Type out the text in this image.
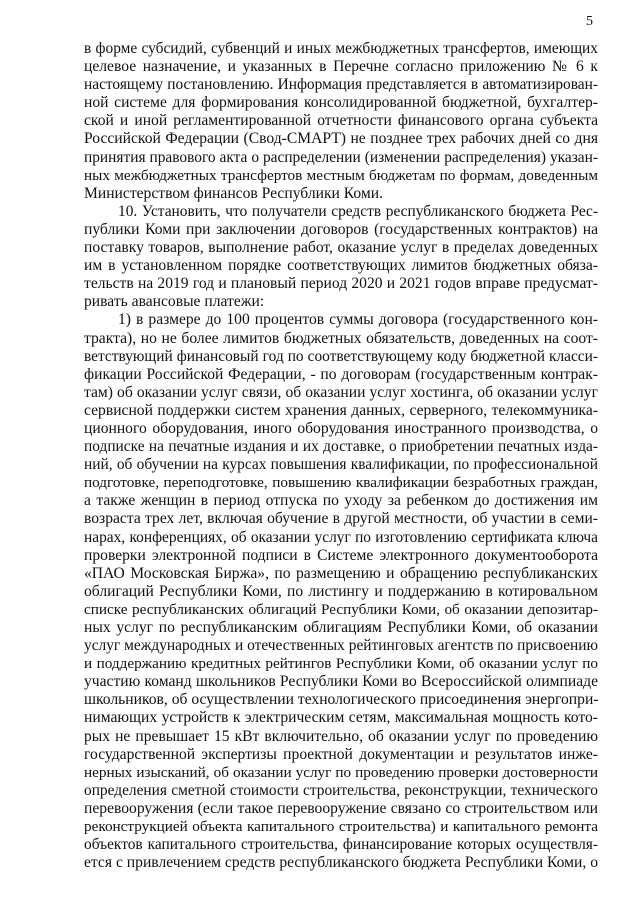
5
в форме субсидий, субвенций и иных межбюджетных трансфертов, имеющих
целевое назначение, и указанных в Перечне согласно приложению № 6 к
настоящему постановлению. Информация представляется в автоматизирован-
ной системе для формирования консолидированной бюджетной, бухгалтер-
ской и иной регламентированной отчетности финансового органа субъекта
Российской Федерации (Свод-СМАРТ) не позднее трех рабочих дней со дня
принятия правового акта о распределении (изменении распределения) указан-
ных межбюджетных трансфертов местным бюджетам по формам, доведенным
Министерством финансов Республики Коми.
10. Установить, что получатели средств республиканского бюджета Рес-
публики Коми при заключении договоров (государственных контрактов) на
поставку товаров, выполнение работ, оказание услуг в пределах доведенных
им в установленном порядке соответствующих лимитов бюджетных обяза-
тельств на 2019 год и плановый период 2020 и 2021 годов вправе предусмат-
ривать авансовые платежи:
1) в размере до 100 процентов суммы договора (государственного кон-
тракта), но не более лимитов бюджетных обязательств, доведенных на соот-
ветствующий финансовый год по соответствующему коду бюджетной класси-
фикации Российской Федерации, - по договорам (государственным контрак-
там) об оказании услуг связи, об оказании услуг хостинга, об оказании услуг
сервисной поддержки систем хранения данных, серверного, телекоммуника-
ционного оборудования, иного оборудования иностранного производства, о
подписке на печатные издания и их доставке, о приобретении печатных изда-
ний, об обучении на курсах повышения квалификации, по профессиональной
подготовке, переподготовке, повышению квалификации безработных граждан,
а также женщин в период отпуска по уходу за ребенком до достижения им
возраста трех лет, включая обучение в другой местности, об участии в семи-
нарах, конференциях, об оказании услуг по изготовлению сертификата ключа
проверки электронной подписи в Системе электронного документооборота
«ПАО Московская Биржа», по размещению и обращению республиканских
облигаций Республики Коми, по листингу и поддержанию в котировальном
списке республиканских облигаций Республики Коми, об оказании депозитар-
ных услуг по республиканским облигациям Республики Коми, об оказании
услуг международных и отечественных рейтинговых агентств по присвоению
и поддержанию кредитных рейтингов Республики Коми, об оказании услуг по
участию команд школьников Республики Коми во Всероссийской олимпиаде
школьников, об осуществлении технологического присоединения энергопри-
нимающих устройств к электрическим сетям, максимальная мощность кото-
рых не превышает 15 кВт включительно, об оказании услуг по проведению
государственной экспертизы проектной документации и результатов инже-
нерных изысканий, об оказании услуг по проведению проверки достоверности
определения сметной стоимости строительства, реконструкции, технического
перевооружения (если такое перевооружение связано со строительством или
реконструкцией объекта капитального строительства) и капитального ремонта
объектов капитального строительства, финансирование которых осуществля-
ется с привлечением средств республиканского бюджета Республики Коми, о
